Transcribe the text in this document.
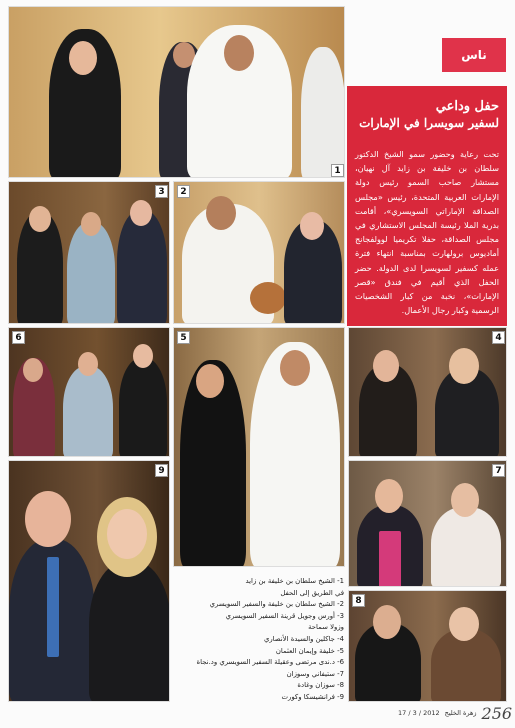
1
ناس
حفل وداعي
لسفير سويسرا في الإمارات
تحت رعاية وحضور سمو الشيخ الدكتور سلطان بن خليفة بن زايد آل نهيان، مستشار صاحب السمو رئيس دولة الإمارات العربية المتحدة، رئيس «مجلس الصداقة الإماراتي السويسري»، أقامت بدرية الملا رئيسة المجلس الاستشاري في مجلس الصداقة، حفلا تكريميا لوولفجانج أماديوس برولهارت بمناسبة انتهاء فترة عمله كسفير لسويسرا لدى الدولة. حضر الحفل الذي أقيم في فندق «قصر الإمارات»، نخبة من كبار الشخصيات الرسمية وكبار رجال الأعمال.
3	2
6	5	4
9	7
8
1- الشيخ سلطان بن خليفة بن زايد
في الطريق إلى الحفل
2- الشيخ سلطان بن خليفة والسفير السويسري
3- أورس وجويل قرينة السفير السويسري
وزولا سماحة
4- جاكلين والسيدة الأنصاري
5- خليفة وإيمان العثمان
6- د.ندى مرتضى وعقيلة السفير السويسري ود.نجاة
7- ستيفاني وسوزان
8- سوزان وغادة
9- فرانشيسكا وكورت
256
زهرة الخليج
2012 / 3 / 17
